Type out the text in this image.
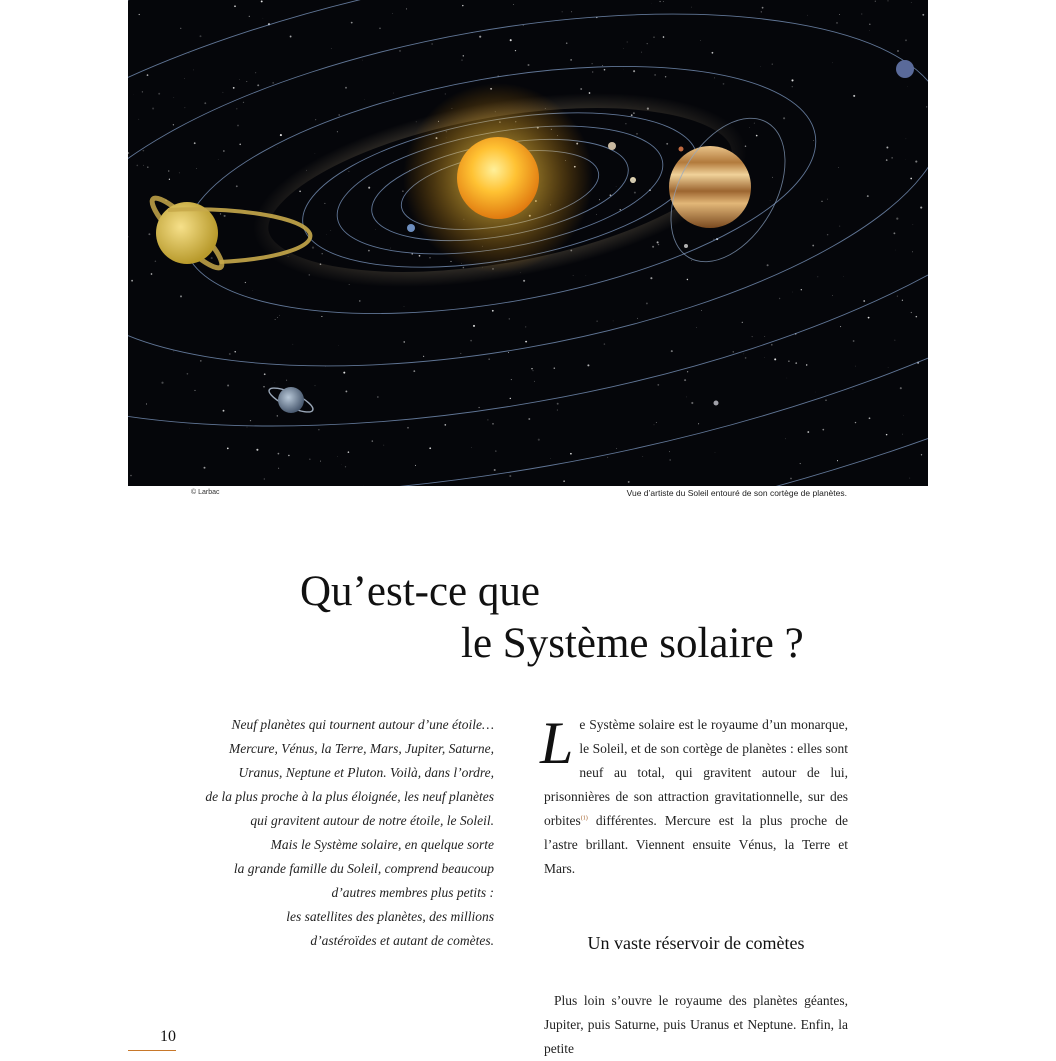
© Larbac	Vue d’artiste du Soleil entouré de son cortège de planètes.
Qu’est-ce que
le Système solaire ?

Neuf planètes qui tournent autour d’une étoile…
Mercure, Vénus, la Terre, Mars, Jupiter, Saturne,
Uranus, Neptune et Pluton. Voilà, dans l’ordre,
de la plus proche à la plus éloignée, les neuf planètes
qui gravitent autour de notre étoile, le Soleil.
Mais le Système solaire, en quelque sorte
la grande famille du Soleil, comprend beaucoup
d’autres membres plus petits :
les satellites des planètes, des millions
d’astéroïdes et autant de comètes.

Le Système solaire est le royaume d’un monarque, le Soleil, et de son cortège de planètes : elles sont neuf au total, qui gravitent autour de lui, prisonnières de son attraction gravitationnelle, sur des orbites$^{(1)}$ différentes. Mercure est la plus proche de l’astre brillant. Viennent ensuite Vénus, la Terre et Mars.

Un vaste réservoir de comètes

Plus loin s’ouvre le royaume des planètes géantes, Jupiter, puis Saturne, puis Uranus et Neptune. Enfin, la petite

10
